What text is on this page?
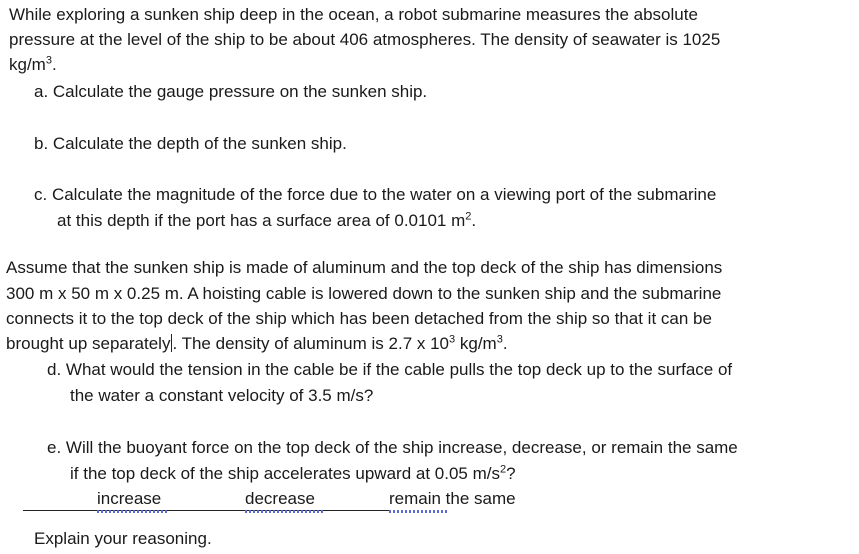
While exploring a sunken ship deep in the ocean, a robot submarine measures the absolute
pressure at the level of the ship to be about 406 atmospheres. The density of seawater is 1025
$kg/m^3$.
a. Calculate the gauge pressure on the sunken ship.
b. Calculate the depth of the sunken ship.
c. Calculate the magnitude of the force due to the water on a viewing port of the submarine
at this depth if the port has a surface area of 0.0101 $m^2$.
Assume that the sunken ship is made of aluminum and the top deck of the ship has dimensions
300 m x 50 m x 0.25 m. A hoisting cable is lowered down to the sunken ship and the submarine
connects it to the top deck of the ship which has been detached from the ship so that it can be
brought up separately . The density of aluminum is 2.7 x $10^3$ $kg/m^3$.
d. What would the tension in the cable be if the cable pulls the top deck up to the surface of
the water a constant velocity of 3.5 m/s?
e. Will the buoyant force on the top deck of the ship increase, decrease, or remain the same
if the top deck of the ship accelerates upward at 0.05 $m/s^2$?
increase	decrease	remain the same
Explain your reasoning.
